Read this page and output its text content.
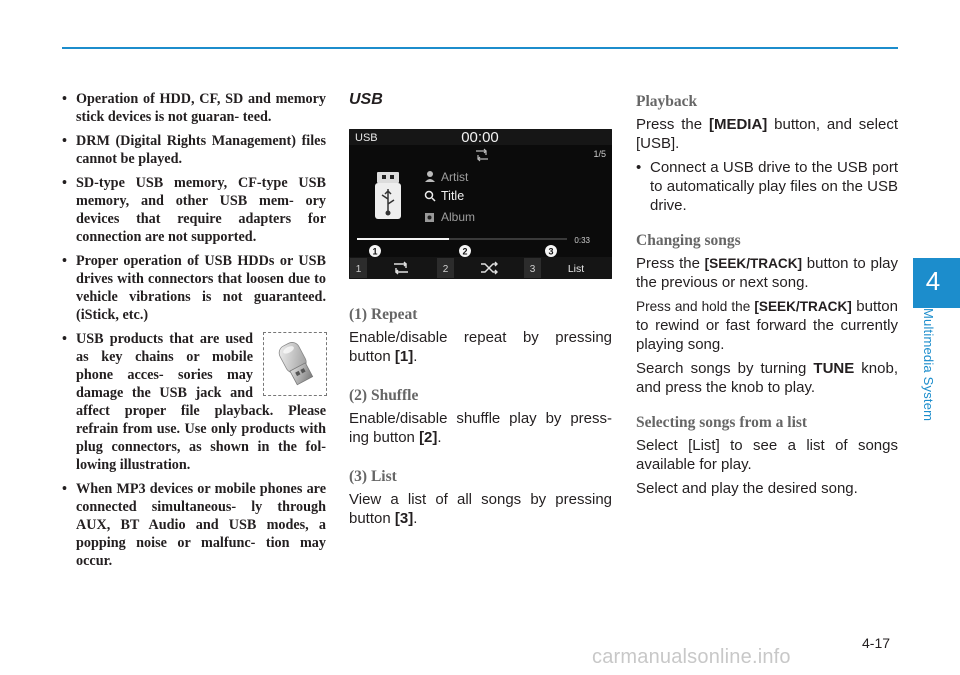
4
Multimedia System
• Operation of HDD, CF, SD and memory stick devices is not guaran- teed.
• DRM (Digital Rights Management) files cannot be played.
• SD-type USB memory, CF-type USB memory, and other USB mem- ory devices that require adapters for connection are not supported.
• Proper operation of USB HDDs or USB drives with connectors that loosen due to vehicle vibrations is not guaranteed. (iStick, etc.)
• USB products that are used as key chains or mobile phone acces- sories may damage the USB jack and affect proper file playback. Please refrain from use. Use only products with plug connectors, as shown in the fol- lowing illustration.
• When MP3 devices or mobile phones are connected simultaneous- ly through AUX, BT Audio and USB modes, a popping noise or malfunc- tion may occur.
USB
USB	00:00
1/5
Artist
Title
Album
0:33
1	2	3
1	2	3	List
(1) Repeat
Enable/disable repeat by pressing button [1].
(2) Shuffle
Enable/disable shuffle play by press- ing button [2].
(3) List
View a list of all songs by pressing button [3].
Playback
Press the [MEDIA] button, and select [USB].
• Connect a USB drive to the USB port to automatically play files on the USB drive.
Changing songs
Press the [SEEK/TRACK] button to play the previous or next song.
Press and hold the [SEEK/TRACK] button to rewind or fast forward the currently playing song.
Search songs by turning TUNE knob, and press the knob to play.
Selecting songs from a list
Select [List] to see a list of songs available for play.
Select and play the desired song.
4-17
carmanualsonline.info
